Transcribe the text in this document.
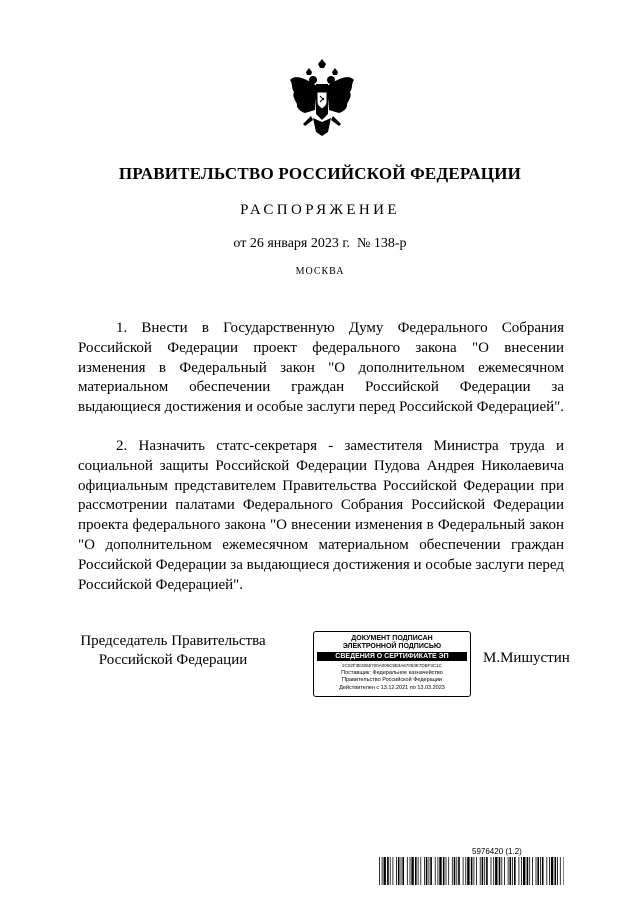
ПРАВИТЕЛЬСТВО РОССИЙСКОЙ ФЕДЕРАЦИИ
РАСПОРЯЖЕНИЕ
от 26 января 2023 г.  № 138-р
МОСКВА
1. Внести в Государственную Думу Федерального Собрания Российской Федерации проект федерального закона "О внесении изменения в Федеральный закон "О дополнительном ежемесячном материальном обеспечении граждан Российской Федерации за выдающиеся достижения и особые заслуги перед Российской Федерацией".
2. Назначить статс-секретаря - заместителя Министра труда и социальной защиты Российской Федерации Пудова Андрея Николаевича официальным представителем Правительства Российской Федерации при рассмотрении палатами Федерального Собрания Российской Федерации проекта федерального закона "О внесении изменения в Федеральный закон "О дополнительном ежемесячном материальном обеспечении граждан Российской Федерации за выдающиеся достижения и особые заслуги перед Российской Федерацией".
Председатель Правительства
Российской Федерации
ДОКУМЕНТ ПОДПИСАН
ЭЛЕКТРОННОЙ ПОДПИСЬЮ
СВЕДЕНИЯ О СЕРТИФИКАТЕ ЭП
2C02F3E3065700A006C9B3A67053E7DBF3C1C
Поставщик: Федеральное казначейство
Правительство Российской Федерации
Действителен с 13.12.2021 по 13.03.2023
М.Мишустин
5976420 (1.2)
